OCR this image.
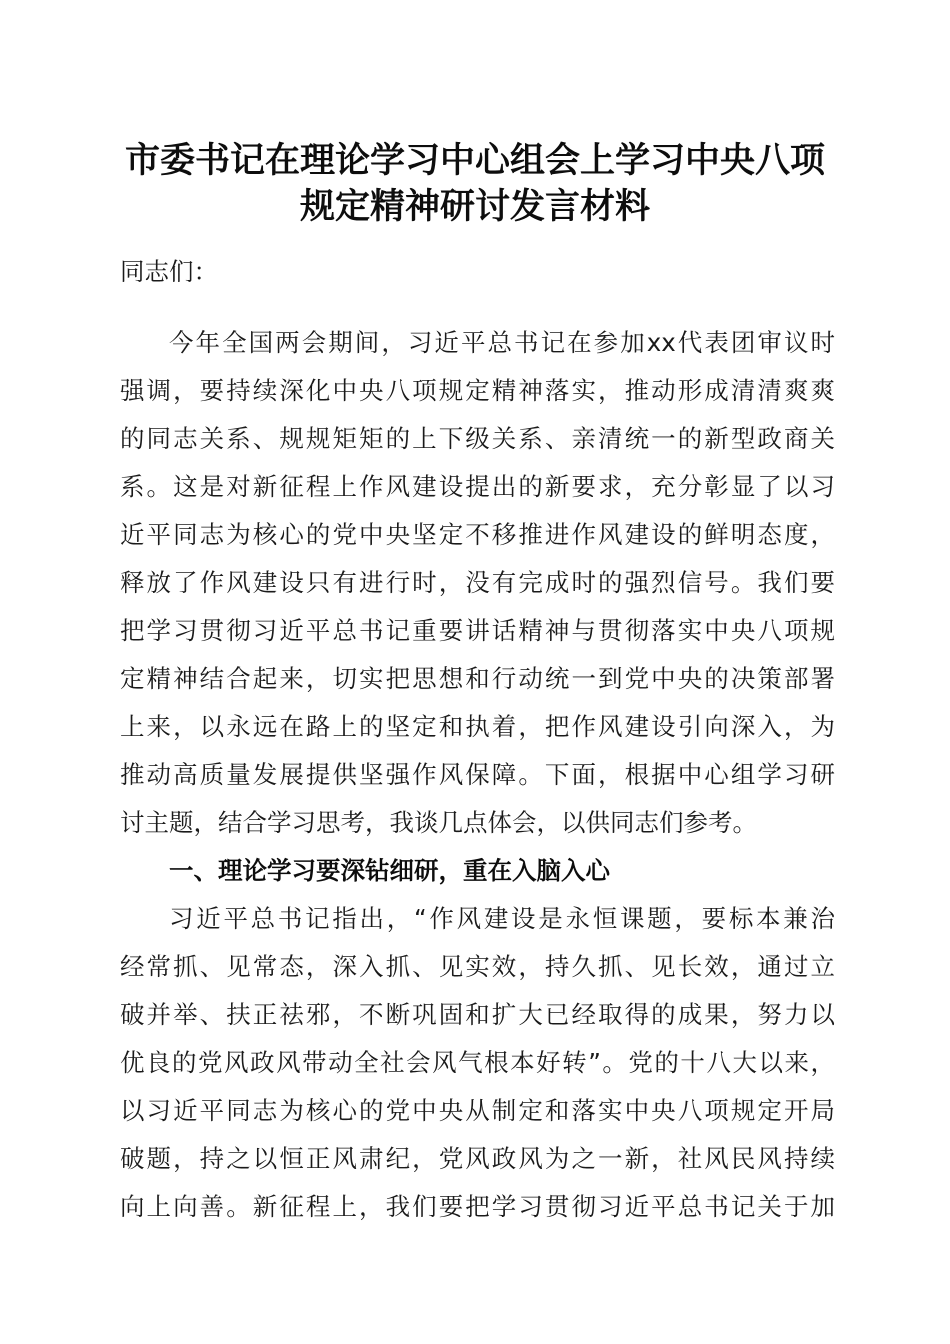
市委书记在理论学习中心组会上学习中央八项
规定精神研讨发言材料
同志们：
今年全国两会期间，习近平总书记在参加xx代表团审议时
强调，要持续深化中央八项规定精神落实，推动形成清清爽爽
的同志关系、规规矩矩的上下级关系、亲清统一的新型政商关
系。这是对新征程上作风建设提出的新要求，充分彰显了以习
近平同志为核心的党中央坚定不移推进作风建设的鲜明态度，
释放了作风建设只有进行时，没有完成时的强烈信号。我们要
把学习贯彻习近平总书记重要讲话精神与贯彻落实中央八项规
定精神结合起来，切实把思想和行动统一到党中央的决策部署
上来，以永远在路上的坚定和执着，把作风建设引向深入，为
推动高质量发展提供坚强作风保障。下面，根据中心组学习研
讨主题，结合学习思考，我谈几点体会，以供同志们参考。
一、理论学习要深钻细研，重在入脑入心
习近平总书记指出，“作风建设是永恒课题，要标本兼治
经常抓、见常态，深入抓、见实效，持久抓、见长效，通过立
破并举、扶正祛邪，不断巩固和扩大已经取得的成果，努力以
优良的党风政风带动全社会风气根本好转”。党的十八大以来，
以习近平同志为核心的党中央从制定和落实中央八项规定开局
破题，持之以恒正风肃纪，党风政风为之一新，社风民风持续
向上向善。新征程上，我们要把学习贯彻习近平总书记关于加
